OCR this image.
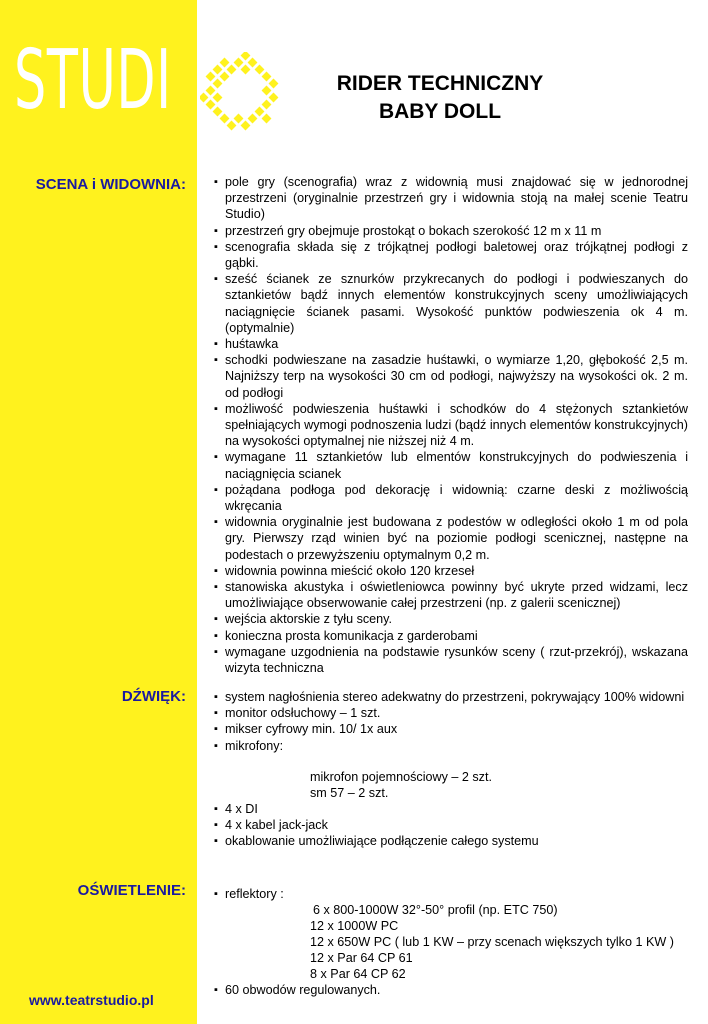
STUDI	RIDER TECHNICZNY
BABY DOLL
SCENA i WIDOWNIA:	▪ pole gry (scenografia) wraz z widownią musi znajdować się w jednorodnej przestrzeni (oryginalnie przestrzeń gry i widownia stoją na małej scenie Teatru Studio)
▪ przestrzeń gry obejmuje prostokąt o bokach szerokość 12 m x 11 m
▪ scenografia składa się z trójkątnej podłogi baletowej oraz trójkątnej podłogi z gąbki.
▪ sześć ścianek ze sznurków przykrecanych do podłogi i podwieszanych do sztankietów bądź innych elementów konstrukcyjnych sceny umożliwiających naciągnięcie ścianek pasami. Wysokość punktów podwieszenia ok 4 m. (optymalnie)
▪ huśtawka
▪ schodki podwieszane na zasadzie huśtawki, o wymiarze 1,20, głębokość 2,5 m. Najniższy terp na wysokości 30 cm od podłogi, najwyższy na wysokości ok. 2 m. od podłogi
▪ możliwość podwieszenia huśtawki i schodków do 4 stężonych sztankietów spełniających wymogi podnoszenia ludzi (bądź innych elementów konstrukcyjnych) na wysokości optymalnej nie niższej niż 4 m.
▪ wymagane 11 sztankietów lub elmentów konstrukcyjnych do podwieszenia i naciągnięcia scianek
▪ pożądana podłoga pod dekorację i widownią: czarne deski z możliwością wkręcania
▪ widownia oryginalnie jest budowana z podestów w odległości około 1 m od pola gry. Pierwszy rząd winien być na poziomie podłogi scenicznej, następne na podestach o przewyższeniu optymalnym 0,2 m.
▪ widownia powinna mieścić około 120 krzeseł
▪ stanowiska akustyka i oświetleniowca powinny być ukryte przed widzami, lecz umożliwiające obserwowanie całej przestrzeni (np. z galerii scenicznej)
▪ wejścia aktorskie z tyłu sceny.
▪ konieczna prosta komunikacja z garderobami
▪ wymagane uzgodnienia na podstawie rysunków sceny ( rzut-przekrój), wskazana wizyta techniczna
DŹWIĘK:	▪ system nagłośnienia stereo adekwatny do przestrzeni, pokrywający 100% widowni
▪ monitor odsłuchowy – 1 szt.
▪ mikser cyfrowy min. 10/ 1x aux
▪ mikrofony:
mikrofon pojemnościowy – 2 szt.
sm 57 – 2 szt.
▪ 4 x DI
▪ 4 x kabel jack-jack
▪ okablowanie umożliwiające podłączenie całego systemu
OŚWIETLENIE:	▪ reflektory :
6 x 800-1000W 32°-50° profil (np. ETC 750)
12 x 1000W PC
12 x 650W PC ( lub 1 KW – przy scenach większych tylko 1 KW )
12 x Par 64 CP 61
8 x Par 64 CP 62
▪ 60 obwodów regulowanych.
www.teatrstudio.pl
